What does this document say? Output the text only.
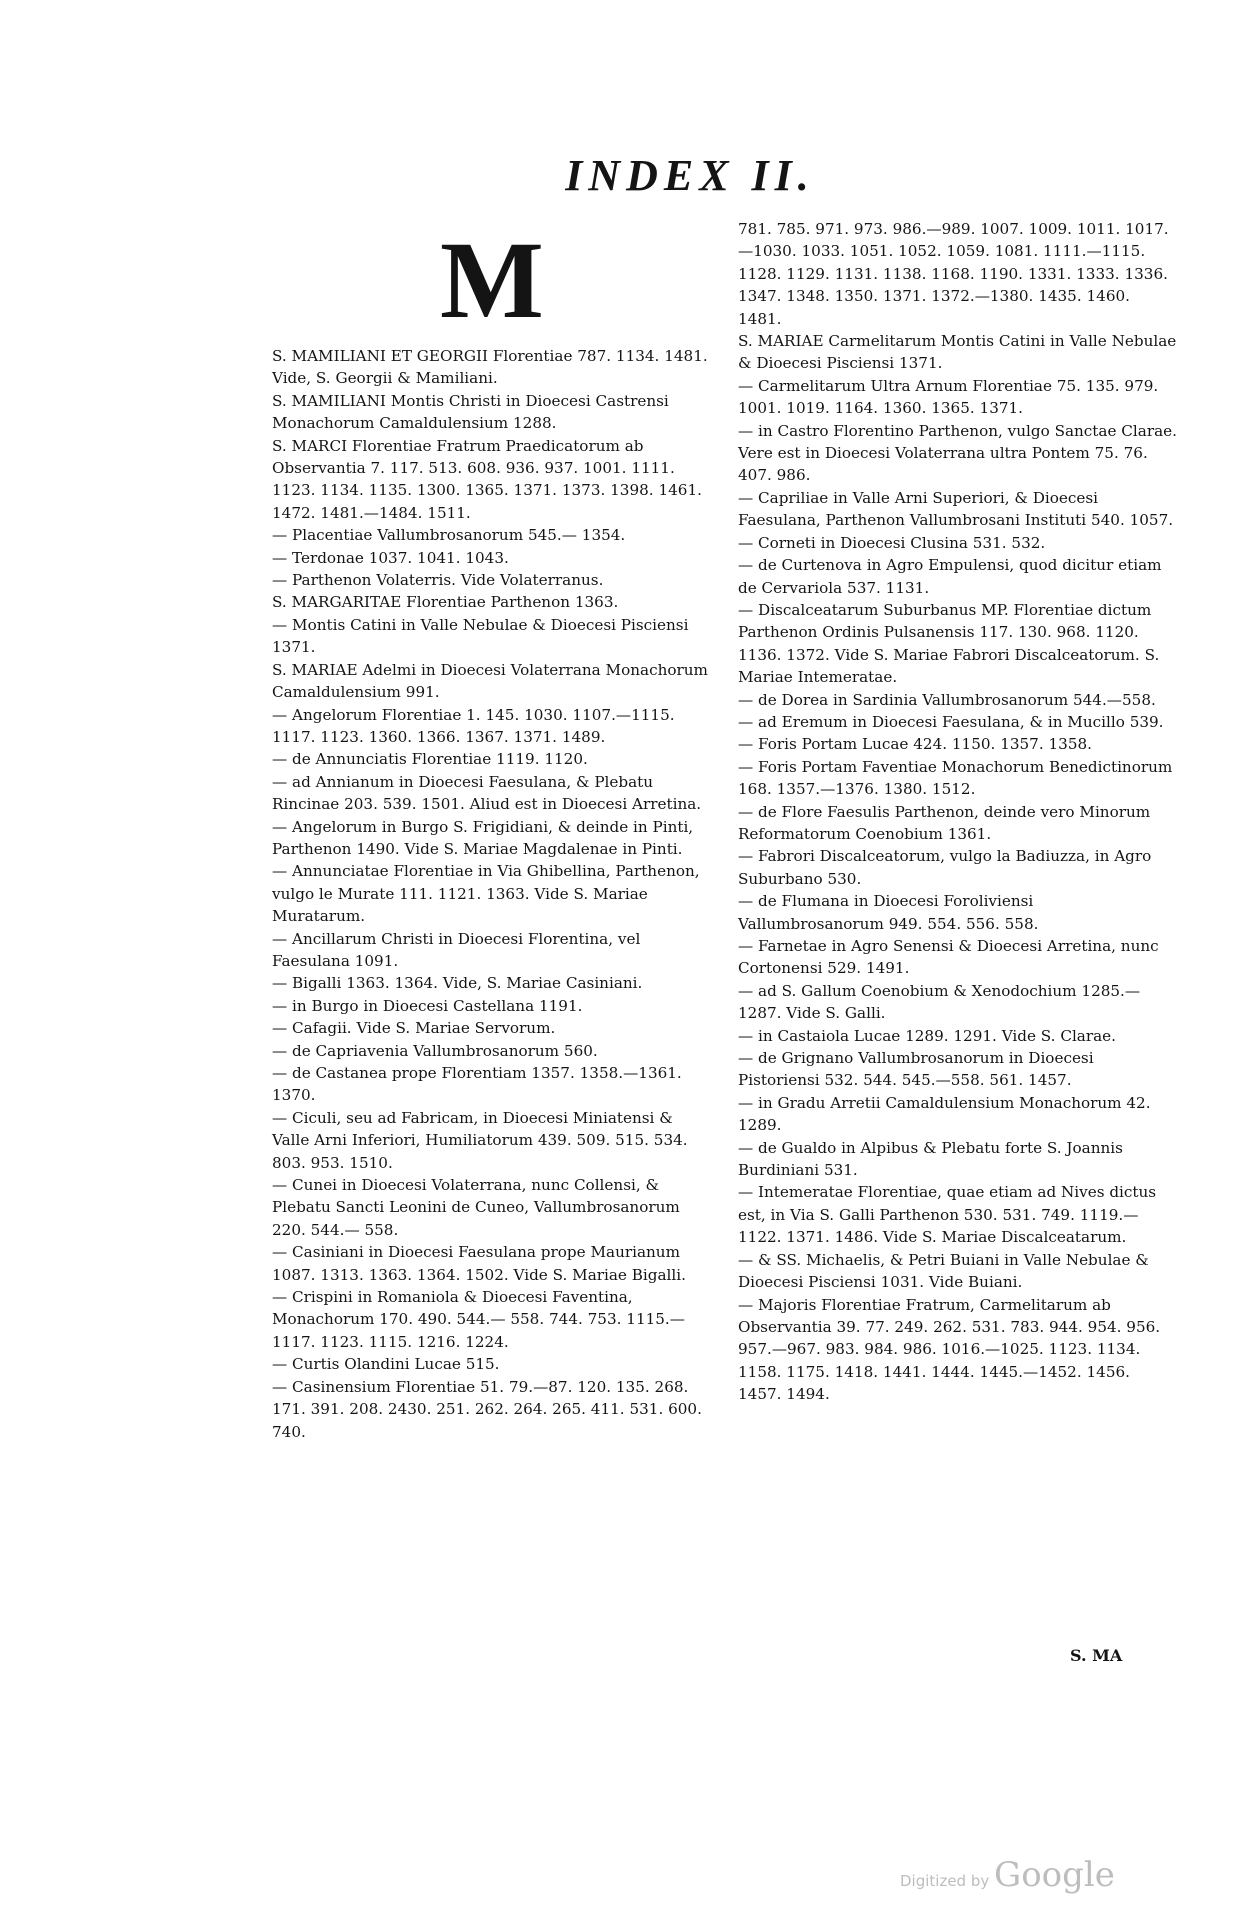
INDEX II.
M
S. MAMILIANI ET GEORGII Florentiae 787. 1134. 1481. Vide, S. Georgii & Mamiliani.
S. MAMILIANI Montis Christi in Dioecesi Castrensi Monachorum Camaldulensium 1288.
S. MARCI Florentiae Fratrum Praedicatorum ab Observantia 7. 117. 513. 608. 936. 937. 1001. 1111. 1123. 1134. 1135. 1300. 1365. 1371. 1373. 1398. 1461. 1472. 1481.—1484. 1511.
— Placentiae Vallumbrosanorum 545.— 1354.
— Terdonae 1037. 1041. 1043.
— Parthenon Volaterris. Vide Volaterranus.
S. MARGARITAE Florentiae Parthenon 1363.
— Montis Catini in Valle Nebulae & Dioecesi Pisciensi 1371.
S. MARIAE Adelmi in Dioecesi Volaterrana Monachorum Camaldulensium 991.
— Angelorum Florentiae 1. 145. 1030. 1107.—1115. 1117. 1123. 1360. 1366. 1367. 1371. 1489.
— de Annunciatis Florentiae 1119. 1120.
— ad Annianum in Dioecesi Faesulana, & Plebatu Rincinae 203. 539. 1501. Aliud est in Dioecesi Arretina.
— Angelorum in Burgo S. Frigidiani, & deinde in Pinti, Parthenon 1490. Vide S. Mariae Magdalenae in Pinti.
— Annunciatae Florentiae in Via Ghibellina, Parthenon, vulgo le Murate 111. 1121. 1363. Vide S. Mariae Muratarum.
— Ancillarum Christi in Dioecesi Florentina, vel Faesulana 1091.
— Bigalli 1363. 1364. Vide, S. Mariae Casiniani.
— in Burgo in Dioecesi Castellana 1191.
— Cafagii. Vide S. Mariae Servorum.
— de Capriavenia Vallumbrosanorum 560.
— de Castanea prope Florentiam 1357. 1358.—1361. 1370.
— Ciculi, seu ad Fabricam, in Dioecesi Miniatensi & Valle Arni Inferiori, Humiliatorum 439. 509. 515. 534. 803. 953. 1510.
— Cunei in Dioecesi Volaterrana, nunc Collensi, & Plebatu Sancti Leonini de Cuneo, Vallumbrosanorum 220. 544.— 558.
— Casiniani in Dioecesi Faesulana prope Maurianum 1087. 1313. 1363. 1364. 1502. Vide S. Mariae Bigalli.
— Crispini in Romaniola & Dioecesi Faventina, Monachorum 170. 490. 544.— 558. 744. 753. 1115.—1117. 1123. 1115. 1216. 1224.
— Curtis Olandini Lucae 515.
— Casinensium Florentiae 51. 79.—87. 120. 135. 268. 171. 391. 208. 2430. 251. 262. 264. 265. 411. 531. 600. 740.
781. 785. 971. 973. 986.—989. 1007. 1009. 1011. 1017.—1030. 1033. 1051. 1052. 1059. 1081. 1111.—1115. 1128. 1129. 1131. 1138. 1168. 1190. 1331. 1333. 1336. 1347. 1348. 1350. 1371. 1372.—1380. 1435. 1460. 1481.
S. MARIAE Carmelitarum Montis Catini in Valle Nebulae & Dioecesi Pisciensi 1371.
— Carmelitarum Ultra Arnum Florentiae 75. 135. 979. 1001. 1019. 1164. 1360. 1365. 1371.
— in Castro Florentino Parthenon, vulgo Sanctae Clarae. Vere est in Dioecesi Volaterrana ultra Pontem 75. 76. 407. 986.
— Capriliae in Valle Arni Superiori, & Dioecesi Faesulana, Parthenon Vallumbrosani Instituti 540. 1057.
— Corneti in Dioecesi Clusina 531. 532.
— de Curtenova in Agro Empulensi, quod dicitur etiam de Cervariola 537. 1131.
— Discalceatarum Suburbanus MP. Florentiae dictum Parthenon Ordinis Pulsanensis 117. 130. 968. 1120. 1136. 1372. Vide S. Mariae Fabrori Discalceatorum. S. Mariae Intemeratae.
— de Dorea in Sardinia Vallumbrosanorum 544.—558.
— ad Eremum in Dioecesi Faesulana, & in Mucillo 539.
— Foris Portam Lucae 424. 1150. 1357. 1358.
— Foris Portam Faventiae Monachorum Benedictinorum 168. 1357.—1376. 1380. 1512.
— de Flore Faesulis Parthenon, deinde vero Minorum Reformatorum Coenobium 1361.
— Fabrori Discalceatorum, vulgo la Badiuzza, in Agro Suburbano 530.
— de Flumana in Dioecesi Foroliviensi Vallumbrosanorum 949. 554. 556. 558.
— Farnetae in Agro Senensi & Dioecesi Arretina, nunc Cortonensi 529. 1491.
— ad S. Gallum Coenobium & Xenodochium 1285.—1287. Vide S. Galli.
— in Castaiola Lucae 1289. 1291. Vide S. Clarae.
— de Grignano Vallumbrosanorum in Dioecesi Pistoriensi 532. 544. 545.—558. 561. 1457.
— in Gradu Arretii Camaldulensium Monachorum 42. 1289.
— de Gualdo in Alpibus & Plebatu forte S. Joannis Burdiniani 531.
— Intemeratae Florentiae, quae etiam ad Nives dictus est, in Via S. Galli Parthenon 530. 531. 749. 1119.—1122. 1371. 1486. Vide S. Mariae Discalceatarum.
— & SS. Michaelis, & Petri Buiani in Valle Nebulae & Dioecesi Pisciensi 1031. Vide Buiani.
— Majoris Florentiae Fratrum, Carmelitarum ab Observantia 39. 77. 249. 262. 531. 783. 944. 954. 956. 957.—967. 983. 984. 986. 1016.—1025. 1123. 1134. 1158. 1175. 1418. 1441. 1444. 1445.—1452. 1456. 1457. 1494.
S. MA
Digitized by Google
